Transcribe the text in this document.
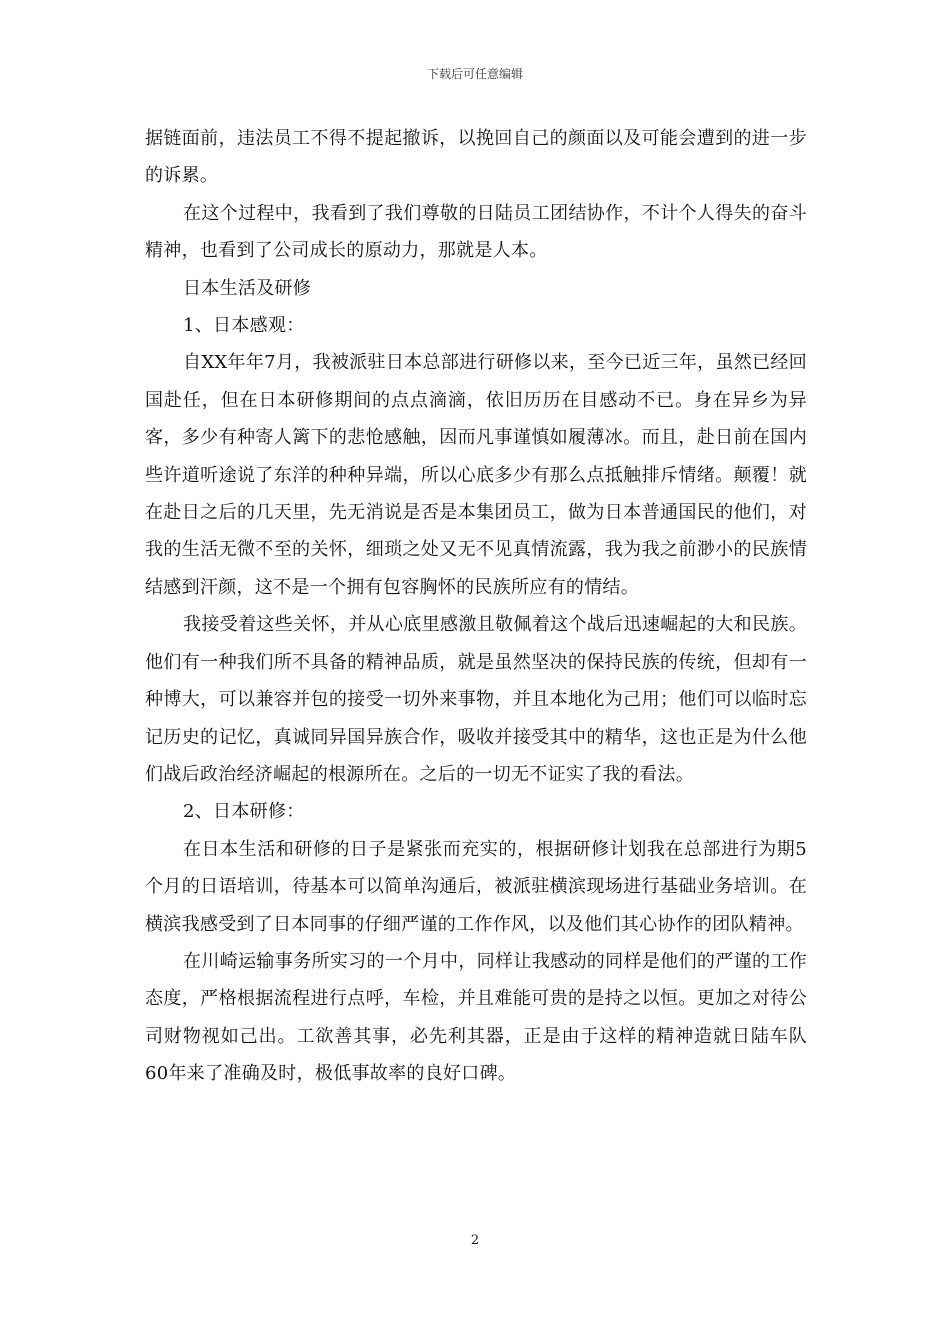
下载后可任意编辑

据链面前，违法员工不得不提起撤诉，以挽回自己的颜面以及可能会遭到的进一步的诉累。

在这个过程中，我看到了我们尊敬的日陆员工团结协作，不计个人得失的奋斗精神，也看到了公司成长的原动力，那就是人本。

日本生活及研修

1、日本感观：

自XX年年7月，我被派驻日本总部进行研修以来，至今已近三年，虽然已经回国赴任，但在日本研修期间的点点滴滴，依旧历历在目感动不已。身在异乡为异客，多少有种寄人篱下的悲怆感触，因而凡事谨慎如履薄冰。而且，赴日前在国内些许道听途说了东洋的种种异端，所以心底多少有那么点抵触排斥情绪。颠覆！就在赴日之后的几天里，先无消说是否是本集团员工，做为日本普通国民的他们，对我的生活无微不至的关怀，细琐之处又无不见真情流露，我为我之前渺小的民族情结感到汗颜，这不是一个拥有包容胸怀的民族所应有的情结。

我接受着这些关怀，并从心底里感激且敬佩着这个战后迅速崛起的大和民族。他们有一种我们所不具备的精神品质，就是虽然坚决的保持民族的传统，但却有一种博大，可以兼容并包的接受一切外来事物，并且本地化为己用；他们可以临时忘记历史的记忆，真诚同异国异族合作，吸收并接受其中的精华，这也正是为什么他们战后政治经济崛起的根源所在。之后的一切无不证实了我的看法。

2、日本研修：

在日本生活和研修的日子是紧张而充实的，根据研修计划我在总部进行为期5个月的日语培训，待基本可以简单沟通后，被派驻横滨现场进行基础业务培训。在横滨我感受到了日本同事的仔细严谨的工作作风，以及他们其心协作的团队精神。

在川崎运输事务所实习的一个月中，同样让我感动的同样是他们的严谨的工作态度，严格根据流程进行点呼，车检，并且难能可贵的是持之以恒。更加之对待公司财物视如己出。工欲善其事，必先利其器，正是由于这样的精神造就日陆车队60年来了准确及时，极低事故率的良好口碑。

2
